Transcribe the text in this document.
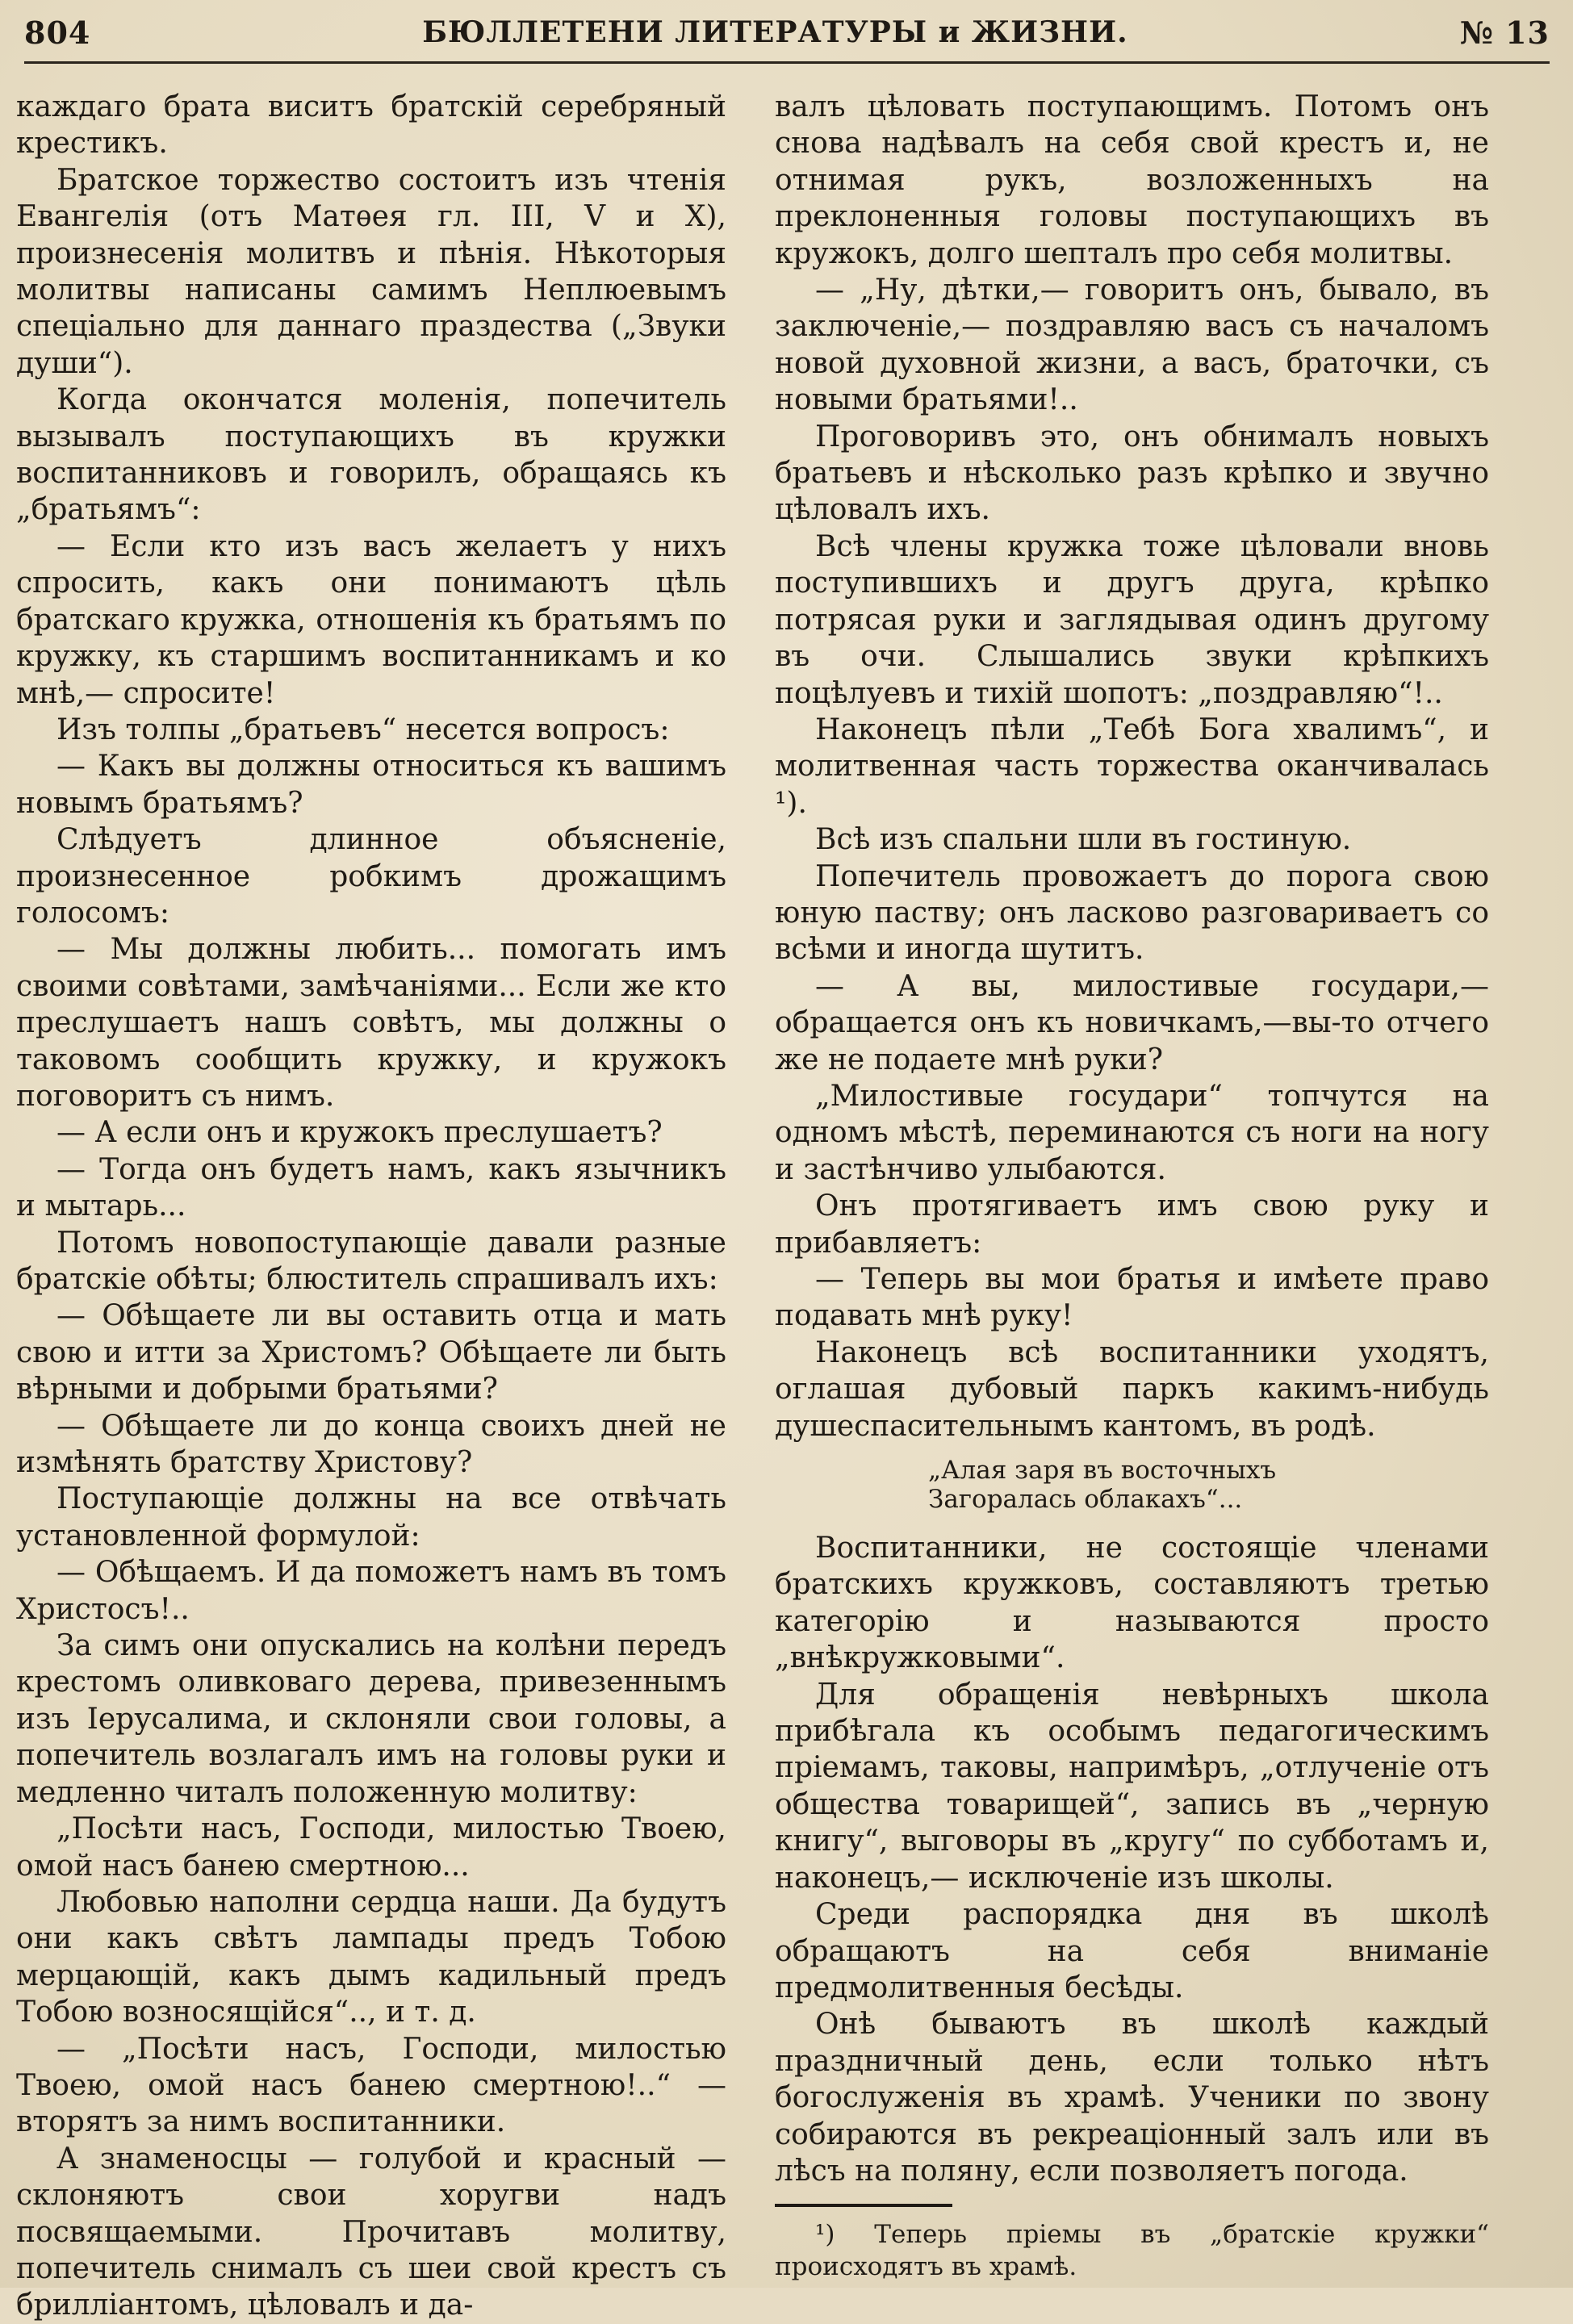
804	БЮЛЛЕТЕНИ ЛИТЕРАТУРЫ и ЖИЗНИ.	№ 13

каждаго брата виситъ братскій серебряный крестикъ.

Братское торжество состоитъ изъ чтенія Евангелія (отъ Матѳея гл. III, V и X), произнесенія молитвъ и пѣнія. Нѣкоторыя молитвы написаны самимъ Неплюевымъ спеціально для даннаго праздества („Звуки души“).

Когда окончатся моленія, попечитель вызывалъ поступающихъ въ кружки воспитанниковъ и говорилъ, обращаясь къ „братьямъ“:

— Если кто изъ васъ желаетъ у нихъ спросить, какъ они понимаютъ цѣль братскаго кружка, отношенія къ братьямъ по кружку, къ старшимъ воспитанникамъ и ко мнѣ,— спросите!

Изъ толпы „братьевъ“ несется вопросъ:

— Какъ вы должны относиться къ вашимъ новымъ братьямъ?

Слѣдуетъ длинное объясненіе, произнесенное робкимъ дрожащимъ голосомъ:

— Мы должны любить... помогать имъ своими совѣтами, замѣчаніями... Если же кто преслушаетъ нашъ совѣтъ, мы должны о таковомъ сообщить кружку, и кружокъ поговоритъ съ нимъ.

— А если онъ и кружокъ преслушаетъ?

— Тогда онъ будетъ намъ, какъ язычникъ и мытарь...

Потомъ новопоступающіе давали разные братскіе обѣты; блюститель спрашивалъ ихъ:

— Обѣщаете ли вы оставить отца и мать свою и итти за Христомъ? Обѣщаете ли быть вѣрными и добрыми братьями?

— Обѣщаете ли до конца своихъ дней не измѣнять братству Христову?

Поступающіе должны на все отвѣчать установленной формулой:

— Обѣщаемъ. И да поможетъ намъ въ томъ Христосъ!..

За симъ они опускались на колѣни передъ крестомъ оливковаго дерева, привезеннымъ изъ Іерусалима, и склоняли свои головы, а попечитель возлагалъ имъ на головы руки и медленно читалъ положенную молитву:

„Посѣти насъ, Господи, милостью Твоею, омой насъ банею смертною...

Любовью наполни сердца наши. Да будутъ они какъ свѣтъ лампады предъ Тобою мерцающій, какъ дымъ кадильный предъ Тобою возносящійся“.., и т. д.

— „Посѣти насъ, Господи, милостью Твоею, омой насъ банею смертною!..“ — вторятъ за нимъ воспитанники.

А знаменосцы — голубой и красный — склоняютъ свои хоругви надъ посвящаемыми. Прочитавъ молитву, попечитель снималъ съ шеи свой крестъ съ брилліантомъ, цѣловалъ и да-

валъ цѣловать поступающимъ. Потомъ онъ снова надѣвалъ на себя свой крестъ и, не отнимая рукъ, возложенныхъ на преклоненныя головы поступающихъ въ кружокъ, долго шепталъ про себя молитвы.

— „Ну, дѣтки,— говоритъ онъ, бывало, въ заключеніе,— поздравляю васъ съ началомъ новой духовной жизни, а васъ, браточки, съ новыми братьями!..

Проговоривъ это, онъ обнималъ новыхъ братьевъ и нѣсколько разъ крѣпко и звучно цѣловалъ ихъ.

Всѣ члены кружка тоже цѣловали вновь поступившихъ и другъ друга, крѣпко потрясая руки и заглядывая одинъ другому въ очи. Слышались звуки крѣпкихъ поцѣлуевъ и тихій шопотъ: „поздравляю“!..

Наконецъ пѣли „Тебѣ Бога хвалимъ“, и молитвенная часть торжества оканчивалась ¹).

Всѣ изъ спальни шли въ гостиную.

Попечитель провожаетъ до порога свою юную паству; онъ ласково разговариваетъ со всѣми и иногда шутитъ.

— А вы, милостивые государи,—обращается онъ къ новичкамъ,—вы-то отчего же не подаете мнѣ руки?

„Милостивые государи“ топчутся на одномъ мѣстѣ, переминаются съ ноги на ногу и застѣнчиво улыбаются.

Онъ протягиваетъ имъ свою руку и прибавляетъ:

— Теперь вы мои братья и имѣете право подавать мнѣ руку!

Наконецъ всѣ воспитанники уходятъ, оглашая дубовый паркъ какимъ-нибудь душеспасительнымъ кантомъ, въ родѣ.

„Алая заря въ восточныхъ
Загоралась облакахъ“...

Воспитанники, не состоящіе членами братскихъ кружковъ, составляютъ третью категорію и называются просто „внѣкружковыми“.

Для обращенія невѣрныхъ школа прибѣгала къ особымъ педагогическимъ пріемамъ, таковы, напримѣръ, „отлученіе отъ общества товарищей“, запись въ „черную книгу“, выговоры въ „кругу“ по субботамъ и, наконецъ,— исключеніе изъ школы.

Среди распорядка дня въ школѣ обращаютъ на себя вниманіе предмолитвенныя бесѣды.

Онѣ бываютъ въ школѣ каждый праздничный день, если только нѣтъ богослуженія въ храмѣ. Ученики по звону собираются въ рекреаціонный залъ или въ лѣсъ на поляну, если позволяетъ погода.

¹) Теперь пріемы въ „братскіе кружки“ происходятъ въ храмѣ.
